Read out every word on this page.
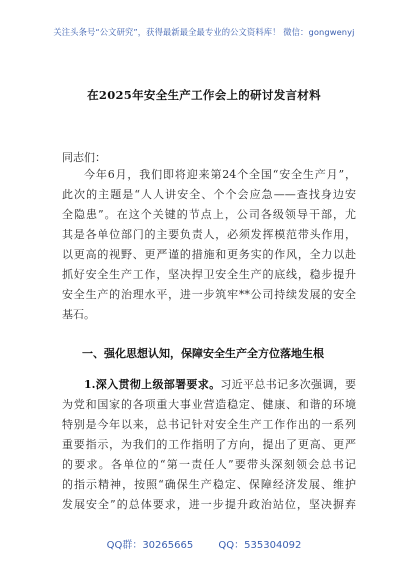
关注头条号“公文研究”，获得最新最全最专业的公文资料库！ 微信：gongwenyj
在2025年安全生产工作会上的研讨发言材料
同志们：
今年6月，我们即将迎来第24个全国“安全生产月”，
此次的主题是“人人讲安全、个个会应急——查找身边安
全隐患”。在这个关键的节点上，公司各级领导干部，尤
其是各单位部门的主要负责人，必须发挥模范带头作用，
以更高的视野、更严谨的措施和更务实的作风，全力以赴
抓好安全生产工作，坚决捍卫安全生产的底线，稳步提升
安全生产的治理水平，进一步筑牢**公司持续发展的安全
基石。
一、强化思想认知，保障安全生产全方位落地生根
1.深入贯彻上级部署要求。习近平总书记多次强调，要
为党和国家的各项重大事业营造稳定、健康、和谐的环境
特别是今年以来，总书记针对安全生产工作作出的一系列
重要指示，为我们的工作指明了方向，提出了更高、更严
的要求。各单位的“第一责任人”要带头深刻领会总书记
的指示精神，按照“确保生产稳定、保障经济发展、维护
发展安全”的总体要求，进一步提升政治站位，坚决摒弃
QQ群：30265665	QQ：535304092
